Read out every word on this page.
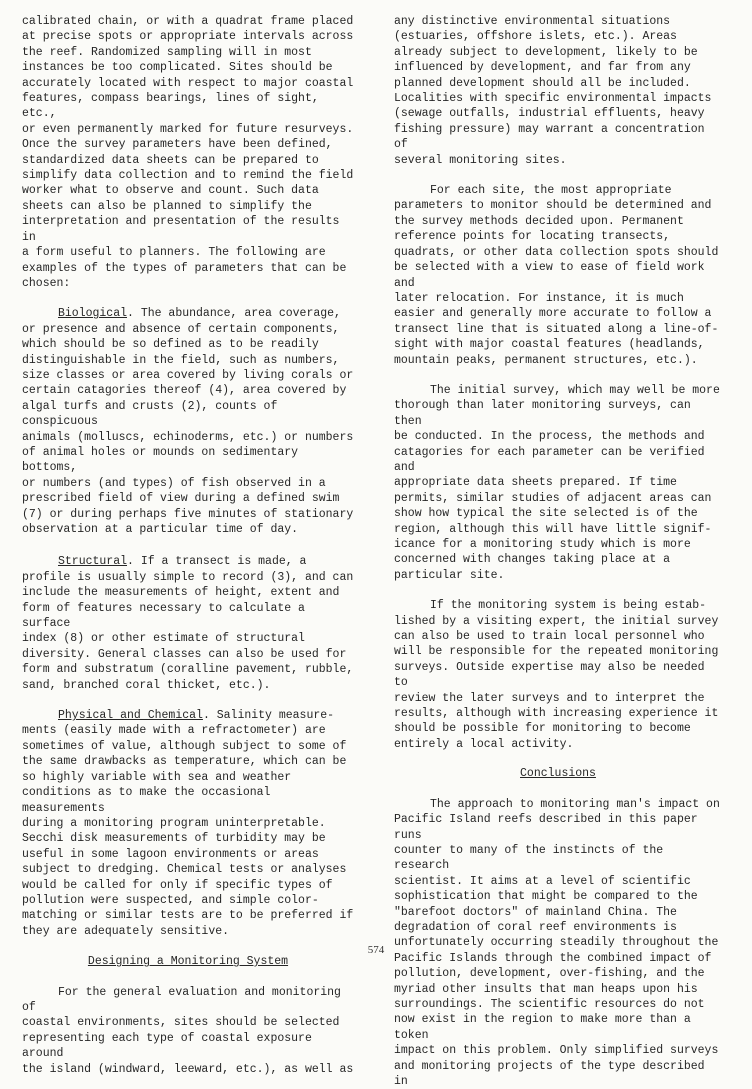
calibrated chain, or with a quadrat frame placed
at precise spots or appropriate intervals across
the reef. Randomized sampling will in most
instances be too complicated. Sites should be
accurately located with respect to major coastal
features, compass bearings, lines of sight, etc.,
or even permanently marked for future resurveys.
Once the survey parameters have been defined,
standardized data sheets can be prepared to
simplify data collection and to remind the field
worker what to observe and count. Such data
sheets can also be planned to simplify the
interpretation and presentation of the results in
a form useful to planners. The following are
examples of the types of parameters that can be
chosen:

Biological. The abundance, area coverage,
or presence and absence of certain components,
which should be so defined as to be readily
distinguishable in the field, such as numbers,
size classes or area covered by living corals or
certain catagories thereof (4), area covered by
algal turfs and crusts (2), counts of conspicuous
animals (molluscs, echinoderms, etc.) or numbers
of animal holes or mounds on sedimentary bottoms,
or numbers (and types) of fish observed in a
prescribed field of view during a defined swim
(7) or during perhaps five minutes of stationary
observation at a particular time of day.

Structural. If a transect is made, a
profile is usually simple to record (3), and can
include the measurements of height, extent and
form of features necessary to calculate a surface
index (8) or other estimate of structural
diversity. General classes can also be used for
form and substratum (coralline pavement, rubble,
sand, branched coral thicket, etc.).

Physical and Chemical. Salinity measure-
ments (easily made with a refractometer) are
sometimes of value, although subject to some of
the same drawbacks as temperature, which can be
so highly variable with sea and weather
conditions as to make the occasional measurements
during a monitoring program uninterpretable.
Secchi disk measurements of turbidity may be
useful in some lagoon environments or areas
subject to dredging. Chemical tests or analyses
would be called for only if specific types of
pollution were suspected, and simple color-
matching or similar tests are to be preferred if
they are adequately sensitive.

Designing a Monitoring System

For the general evaluation and monitoring of
coastal environments, sites should be selected
representing each type of coastal exposure around
the island (windward, leeward, etc.), as well as

any distinctive environmental situations
(estuaries, offshore islets, etc.). Areas
already subject to development, likely to be
influenced by development, and far from any
planned development should all be included.
Localities with specific environmental impacts
(sewage outfalls, industrial effluents, heavy
fishing pressure) may warrant a concentration of
several monitoring sites.

For each site, the most appropriate
parameters to monitor should be determined and
the survey methods decided upon. Permanent
reference points for locating transects,
quadrats, or other data collection spots should
be selected with a view to ease of field work and
later relocation. For instance, it is much
easier and generally more accurate to follow a
transect line that is situated along a line-of-
sight with major coastal features (headlands,
mountain peaks, permanent structures, etc.).

The initial survey, which may well be more
thorough than later monitoring surveys, can then
be conducted. In the process, the methods and
catagories for each parameter can be verified and
appropriate data sheets prepared. If time
permits, similar studies of adjacent areas can
show how typical the site selected is of the
region, although this will have little signif-
icance for a monitoring study which is more
concerned with changes taking place at a
particular site.

If the monitoring system is being estab-
lished by a visiting expert, the initial survey
can also be used to train local personnel who
will be responsible for the repeated monitoring
surveys. Outside expertise may also be needed to
review the later surveys and to interpret the
results, although with increasing experience it
should be possible for monitoring to become
entirely a local activity.

Conclusions

The approach to monitoring man's impact on
Pacific Island reefs described in this paper runs
counter to many of the instincts of the research
scientist. It aims at a level of scientific
sophistication that might be compared to the
"barefoot doctors" of mainland China. The
degradation of coral reef environments is
unfortunately occurring steadily throughout the
Pacific Islands through the combined impact of
pollution, development, over-fishing, and the
myriad other insults that man heaps upon his
surroundings. The scientific resources do not
now exist in the region to make more than a token
impact on this problem. Only simplified surveys
and monitoring projects of the type described in

574
